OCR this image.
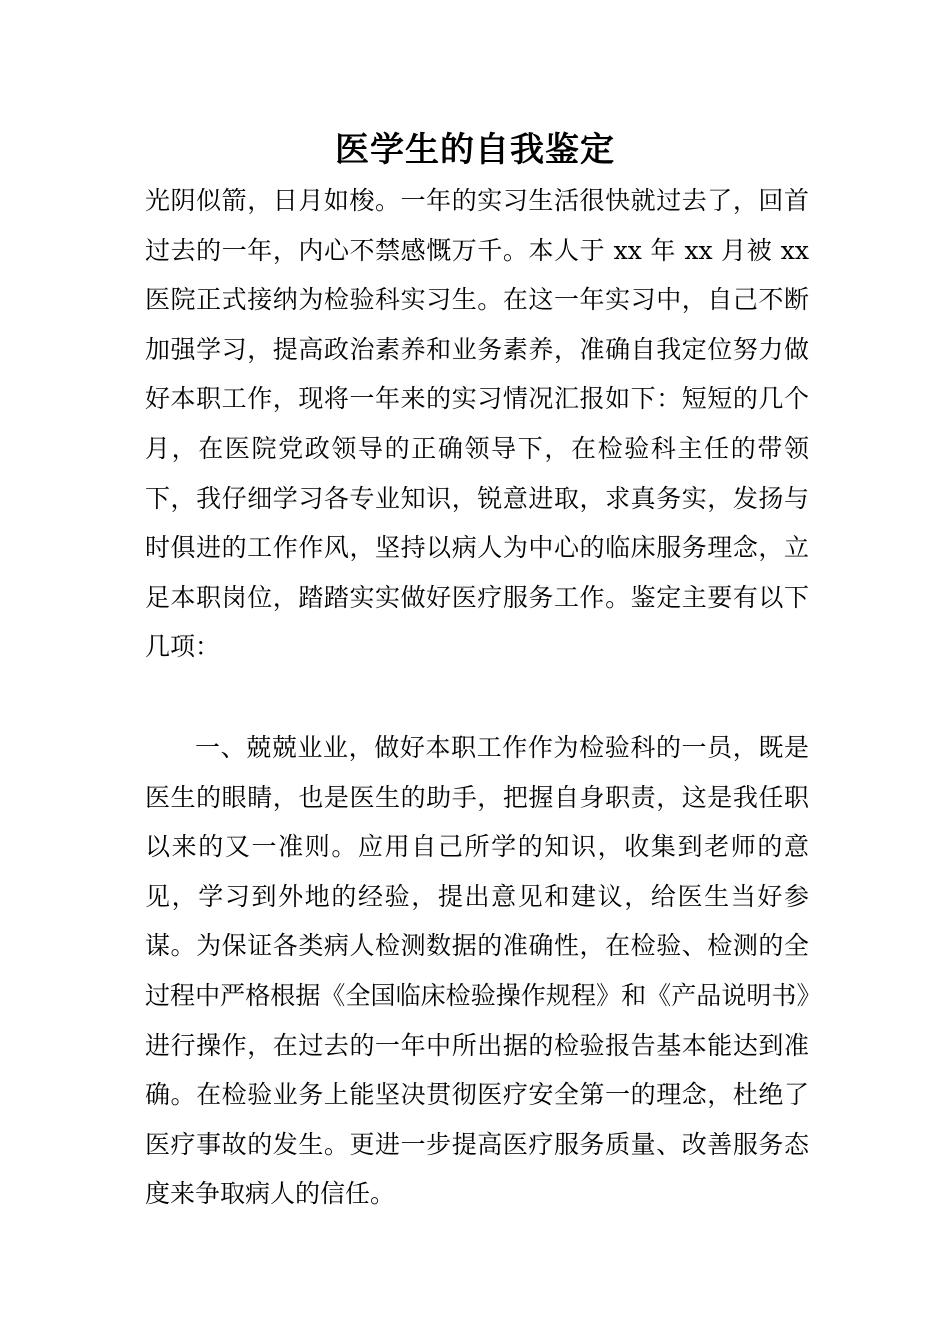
医学生的自我鉴定

光阴似箭，日月如梭。一年的实习生活很快就过去了，回首过去的一年，内心不禁感慨万千。本人于 xx 年 xx 月被 xx 医院正式接纳为检验科实习生。在这一年实习中，自己不断加强学习，提高政治素养和业务素养，准确自我定位努力做好本职工作，现将一年来的实习情况汇报如下：短短的几个月，在医院党政领导的正确领导下，在检验科主任的带领下，我仔细学习各专业知识，锐意进取，求真务实，发扬与时俱进的工作作风，坚持以病人为中心的临床服务理念，立足本职岗位，踏踏实实做好医疗服务工作。鉴定主要有以下几项：

一、兢兢业业，做好本职工作作为检验科的一员，既是医生的眼睛，也是医生的助手，把握自身职责，这是我任职以来的又一准则。应用自己所学的知识，收集到老师的意见，学习到外地的经验，提出意见和建议，给医生当好参谋。为保证各类病人检测数据的准确性，在检验、检测的全过程中严格根据《全国临床检验操作规程》和《产品说明书》进行操作，在过去的一年中所出据的检验报告基本能达到准确。在检验业务上能坚决贯彻医疗安全第一的理念，杜绝了医疗事故的发生。更进一步提高医疗服务质量、改善服务态度来争取病人的信任。
